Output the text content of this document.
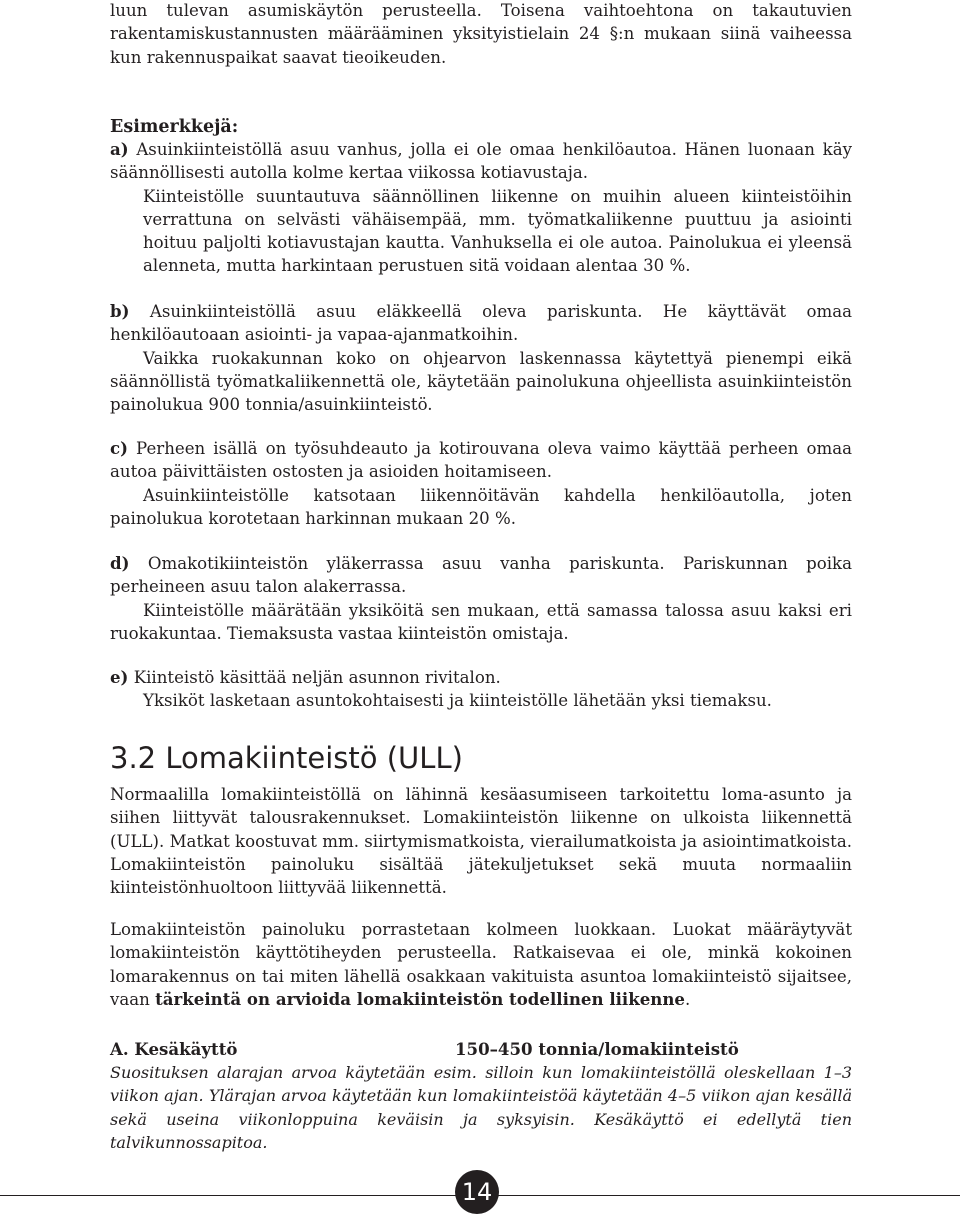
luun tulevan asumiskäytön perusteella. Toisena vaihtoehtona on takautuvien rakentamiskustannusten määrääminen yksityistielain 24 §:n mukaan siinä vaiheessa kun rakennuspaikat saavat tieoikeuden.

Esimerkkejä:

a) Asuinkiinteistöllä asuu vanhus, jolla ei ole omaa henkilöautoa. Hänen luonaan käy säännöllisesti autolla kolme kertaa viikossa kotiavustaja.

Kiinteistölle suuntautuva säännöllinen liikenne on muihin alueen kiinteistöihin verrattuna on selvästi vähäisempää, mm. työmatkaliikenne puuttuu ja asiointi hoituu paljolti kotiavustajan kautta. Vanhuksella ei ole autoa. Painolukua ei yleensä alenneta, mutta harkintaan perustuen sitä voidaan alentaa 30 %.

b) Asuinkiinteistöllä asuu eläkkeellä oleva pariskunta. He käyttävät omaa henkilöautoaan asiointi- ja vapaa-ajanmatkoihin.

Vaikka ruokakunnan koko on ohjearvon laskennassa käytettyä pienempi eikä säännöllistä työmatkaliikennettä ole, käytetään painolukuna ohjeellista asuinkiinteistön painolukua 900 tonnia/asuinkiinteistö.

c) Perheen isällä on työsuhdeauto ja kotirouvana oleva vaimo käyttää perheen omaa autoa päivittäisten ostosten ja asioiden hoitamiseen.

Asuinkiinteistölle katsotaan liikennöitävän kahdella henkilöautolla, joten painolukua korotetaan harkinnan mukaan 20 %.

d) Omakotikiinteistön yläkerrassa asuu vanha pariskunta. Pariskunnan poika perheineen asuu talon alakerrassa.

Kiinteistölle määrätään yksiköitä sen mukaan, että samassa talossa asuu kaksi eri ruokakuntaa. Tiemaksusta vastaa kiinteistön omistaja.

e) Kiinteistö käsittää neljän asunnon rivitalon.

Yksiköt lasketaan asuntokohtaisesti ja kiinteistölle lähetään yksi tiemaksu.

3.2 Lomakiinteistö (ULL)

Normaalilla lomakiinteistöllä on lähinnä kesäasumiseen tarkoitettu loma-asunto ja siihen liittyvät talousrakennukset. Lomakiinteistön liikenne on ulkoista liikennettä (ULL). Matkat koostuvat mm. siirtymismatkoista, vierailumatkoista ja asiointimatkoista. Lomakiinteistön painoluku sisältää jätekuljetukset sekä muuta normaaliin kiinteistönhuoltoon liittyvää liikennettä.

Lomakiinteistön painoluku porrastetaan kolmeen luokkaan. Luokat määräytyvät lomakiinteistön käyttötiheyden perusteella. Ratkaisevaa ei ole, minkä kokoinen lomarakennus on tai miten lähellä osakkaan vakituista asuntoa lomakiinteistö sijaitsee, vaan tärkeintä on arvioida lomakiinteistön todellinen liikenne.

A. Kesäkäyttö	150–450 tonnia/lomakiinteistö

Suosituksen alarajan arvoa käytetään esim. silloin kun lomakiinteistöllä oleskellaan 1–3 viikon ajan. Ylärajan arvoa käytetään kun lomakiinteistöä käytetään 4–5 viikon ajan kesällä sekä useina viikonloppuina keväisin ja syksyisin. Kesäkäyttö ei edellytä tien talvikunnossapitoa.

14
